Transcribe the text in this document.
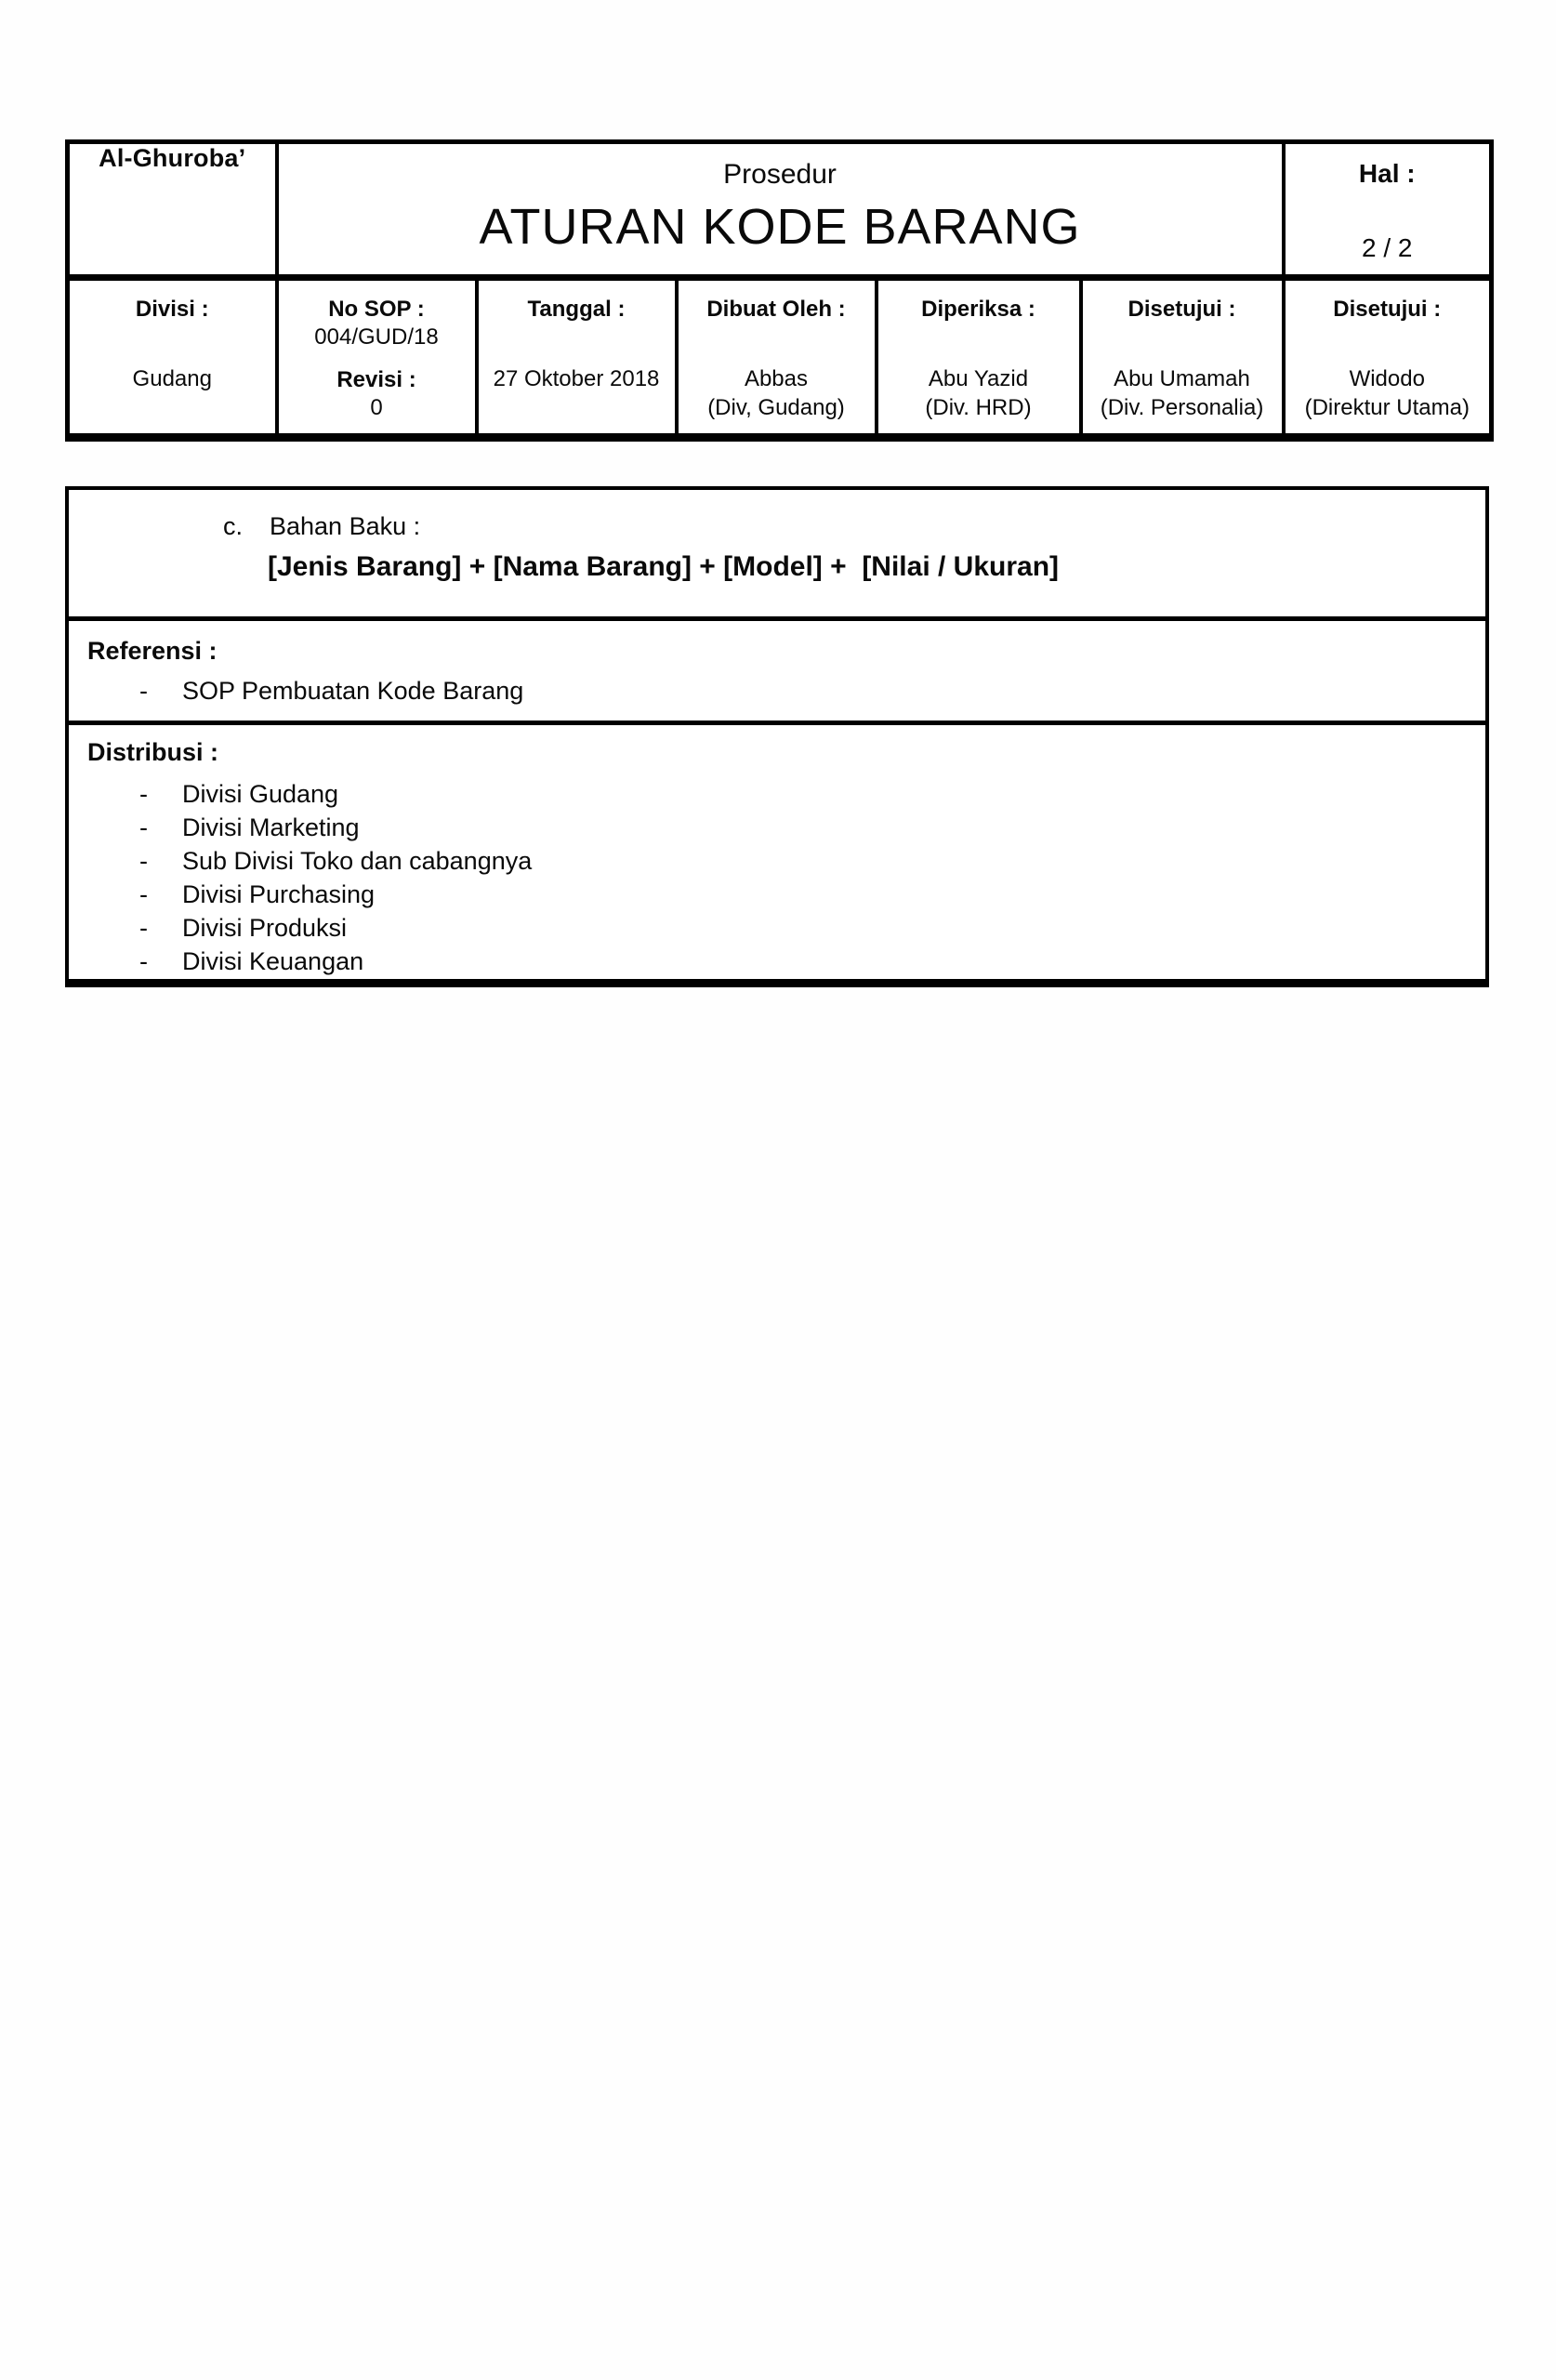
Al-Ghuroba’

Prosedur
ATURAN KODE BARANG

Hal :
2 / 2

Divisi :
Gudang

No SOP :
004/GUD/18
Revisi :
0

Tanggal :
27 Oktober 2018

Dibuat Oleh :
Abbas
(Div, Gudang)

Diperiksa :
Abu Yazid
(Div. HRD)

Disetujui :
Abu Umamah
(Div. Personalia)

Disetujui :
Widodo
(Direktur Utama)
c. Bahan Baku :
[Jenis Barang] + [Nama Barang] + [Model] +  [Nilai / Ukuran]
Referensi :
-	SOP Pembuatan Kode Barang
Distribusi :
-	Divisi Gudang
-	Divisi Marketing
-	Sub Divisi Toko dan cabangnya
-	Divisi Purchasing
-	Divisi Produksi
-	Divisi Keuangan
